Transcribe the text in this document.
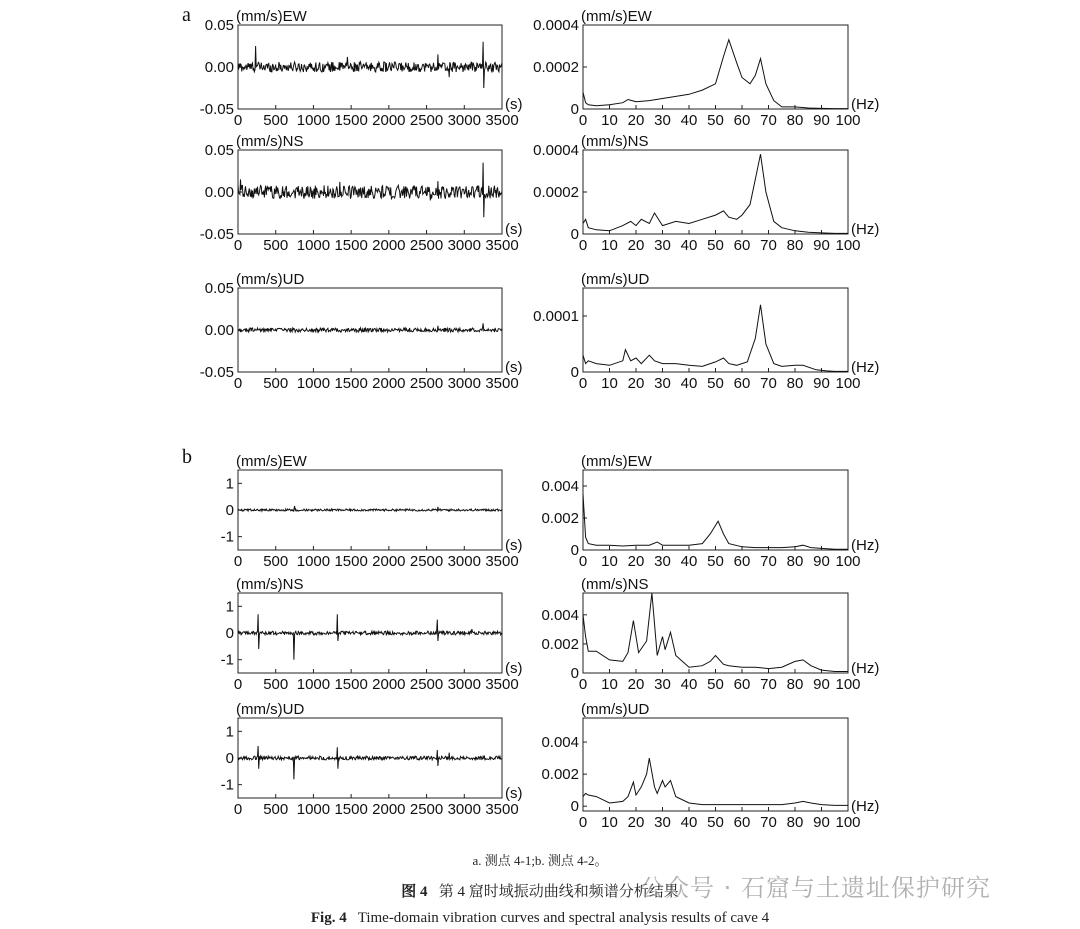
a
b
-0.05
0.00
0.05
0 500 1000 1500 2000 2500 3000 3500
(mm/s)EW
(s)	0
0.0002
0.0004
0 10 20 30 40 50 60 70 80 90 100
(mm/s)EW
(Hz)
-0.05
0.00
0.05
0 500 1000 1500 2000 2500 3000 3500
(mm/s)NS
(s)	0
0.0002
0.0004
0 10 20 30 40 50 60 70 80 90 100
(mm/s)NS
(Hz)
-0.05
0.00
0.05
0 500 1000 1500 2000 2500 3000 3500
(mm/s)UD
(s)	0
0.0001
0 10 20 30 40 50 60 70 80 90 100
(mm/s)UD
(Hz)
-1
0
1
0 500 1000 1500 2000 2500 3000 3500
(mm/s)EW
(s)	0
0.002
0.004
0 10 20 30 40 50 60 70 80 90 100
(mm/s)EW
(Hz)
-1
0
1
0 500 1000 1500 2000 2500 3000 3500
(mm/s)NS
(s)	0
0.002
0.004
0 10 20 30 40 50 60 70 80 90 100
(mm/s)NS
(Hz)
-1
0
1
0 500 1000 1500 2000 2500 3000 3500
(mm/s)UD
(s)
0
0.002
0.004
0 10 20 30 40 50 60 70 80 90 100
(mm/s)UD
(Hz)
a. 测点 4-1;b. 测点 4-2。
图 4 第 4 窟时域振动曲线和频谱分析结果
Fig. 4 Time-domain vibration curves and spectral analysis results of cave 4
公众号 · 石窟与土遗址保护研究
